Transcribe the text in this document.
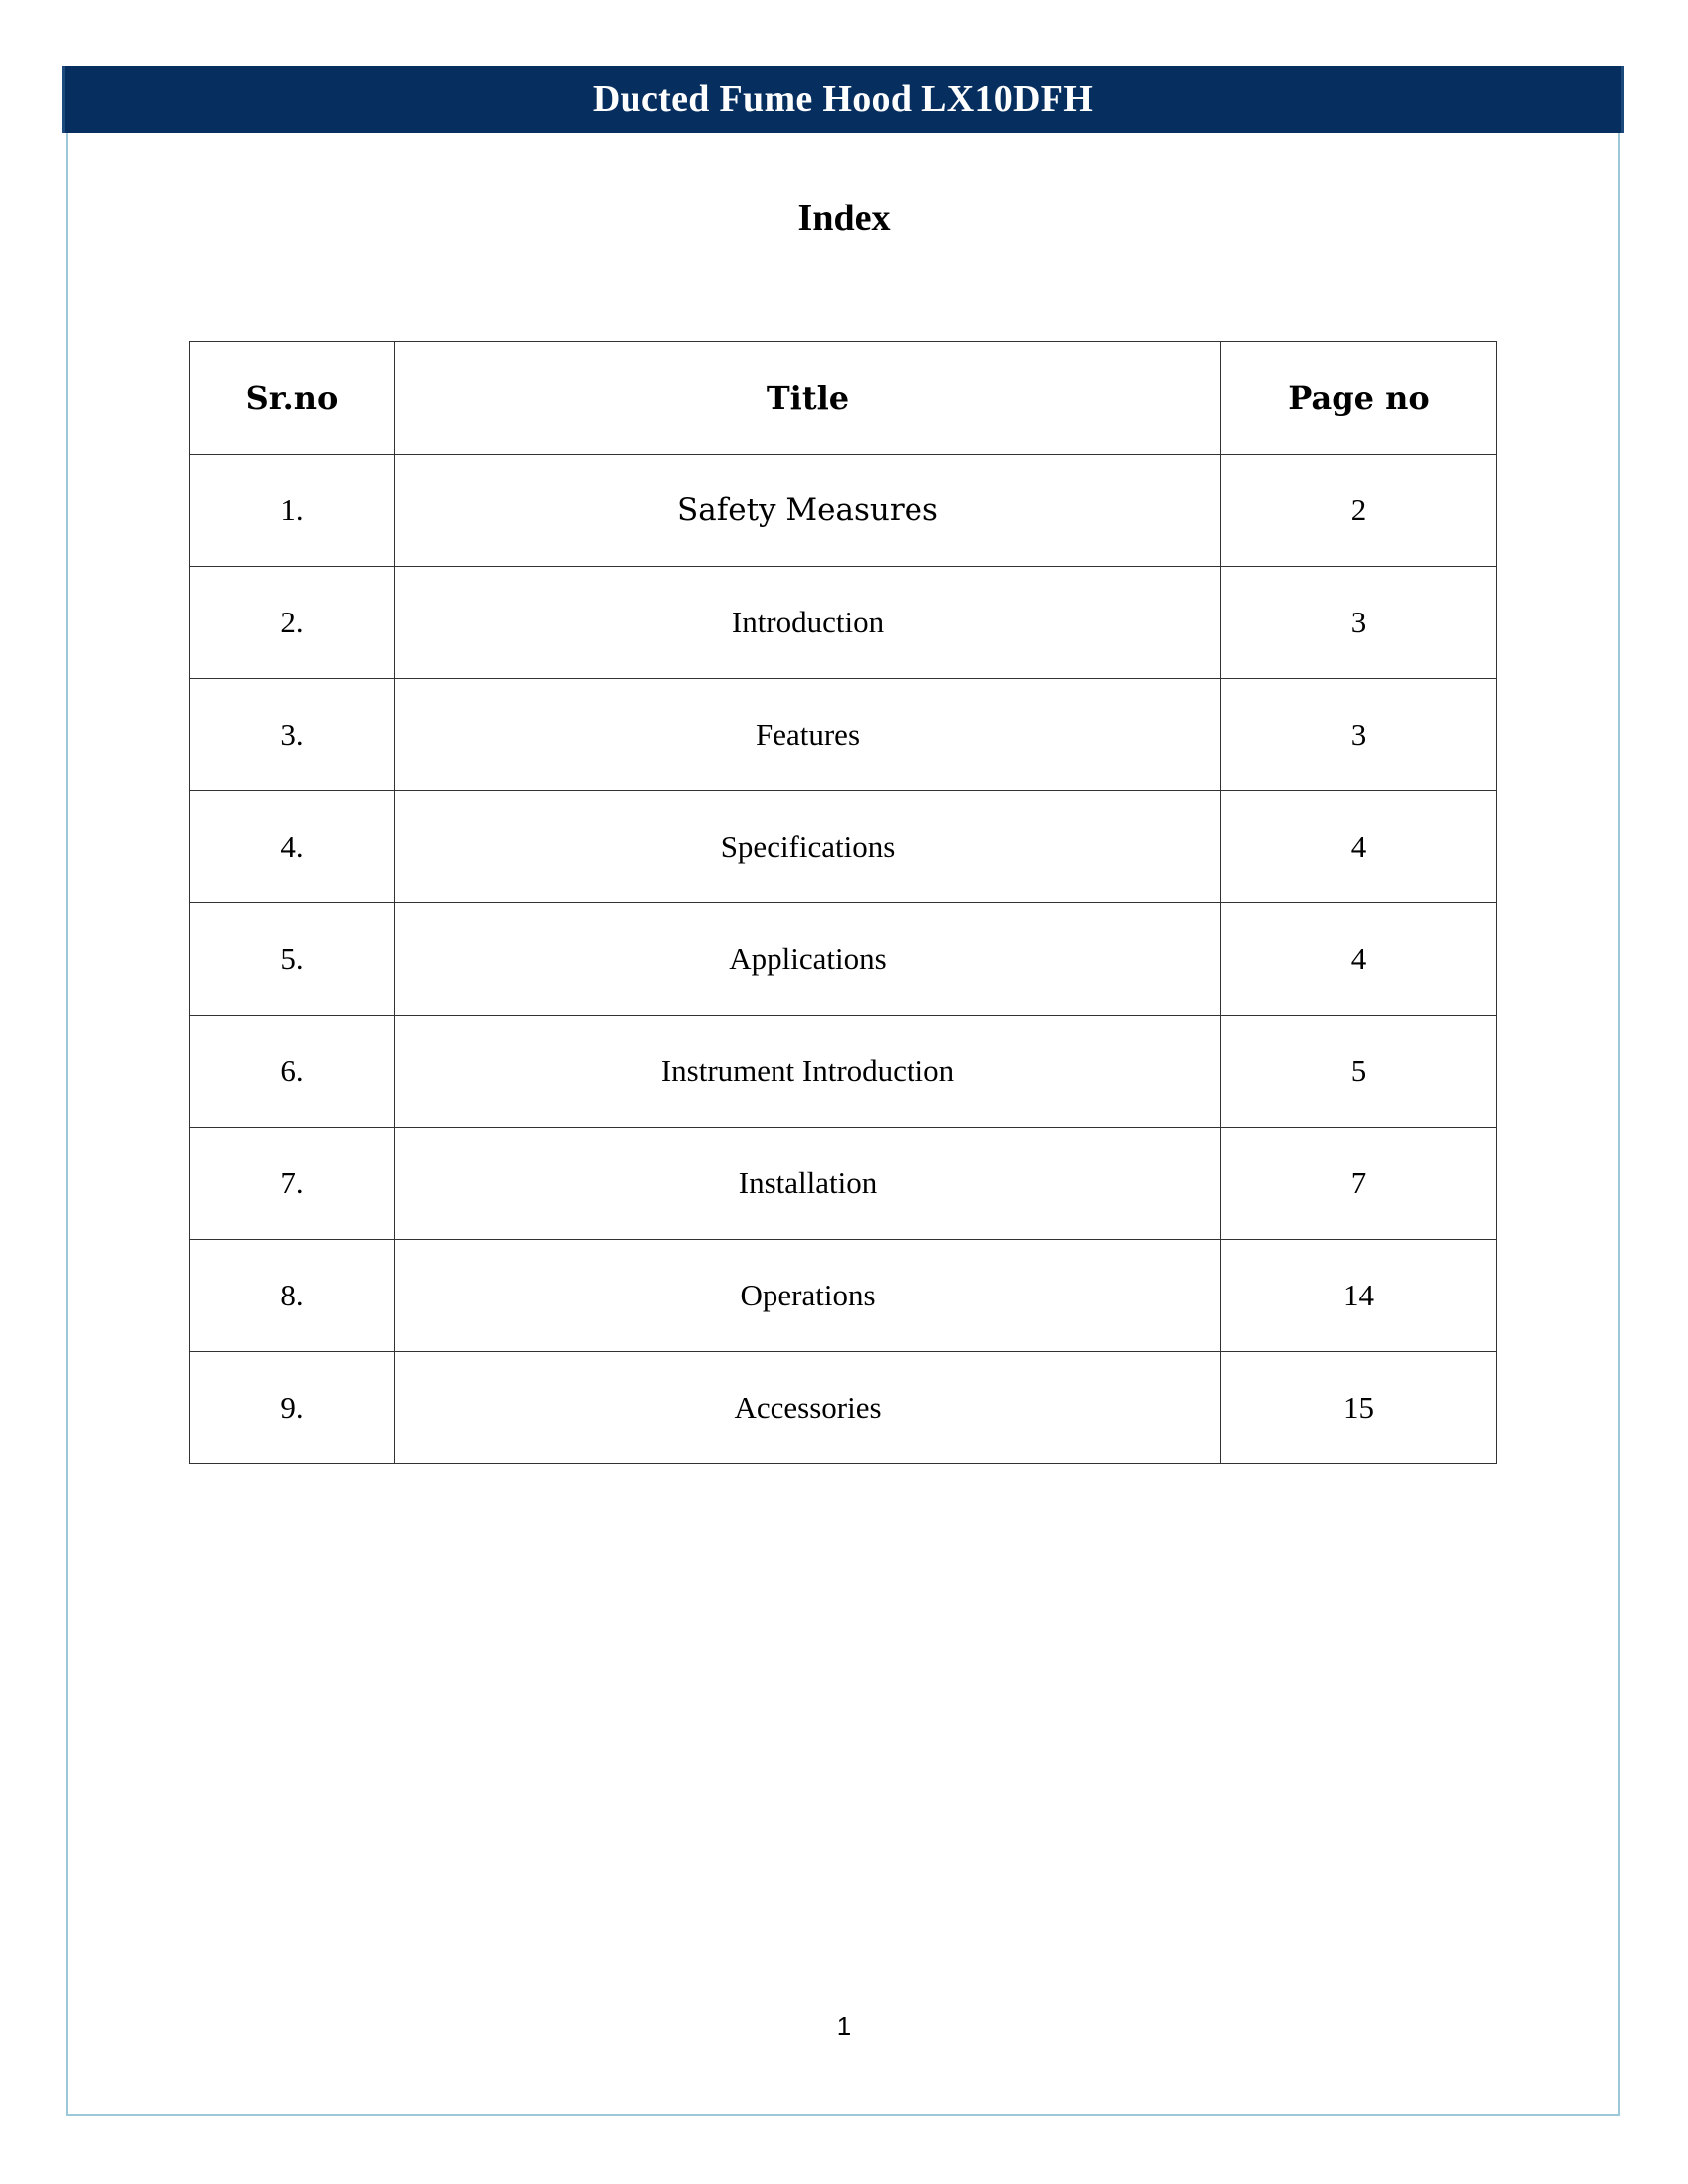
Ducted Fume Hood LX10DFH
Index
Sr.no	Title	Page no
1.	Safety Measures	2
2.	Introduction	3
3.	Features	3
4.	Specifications	4
5.	Applications	4
6.	Instrument Introduction	5
7.	Installation	7
8.	Operations	14
9.	Accessories	15
1
